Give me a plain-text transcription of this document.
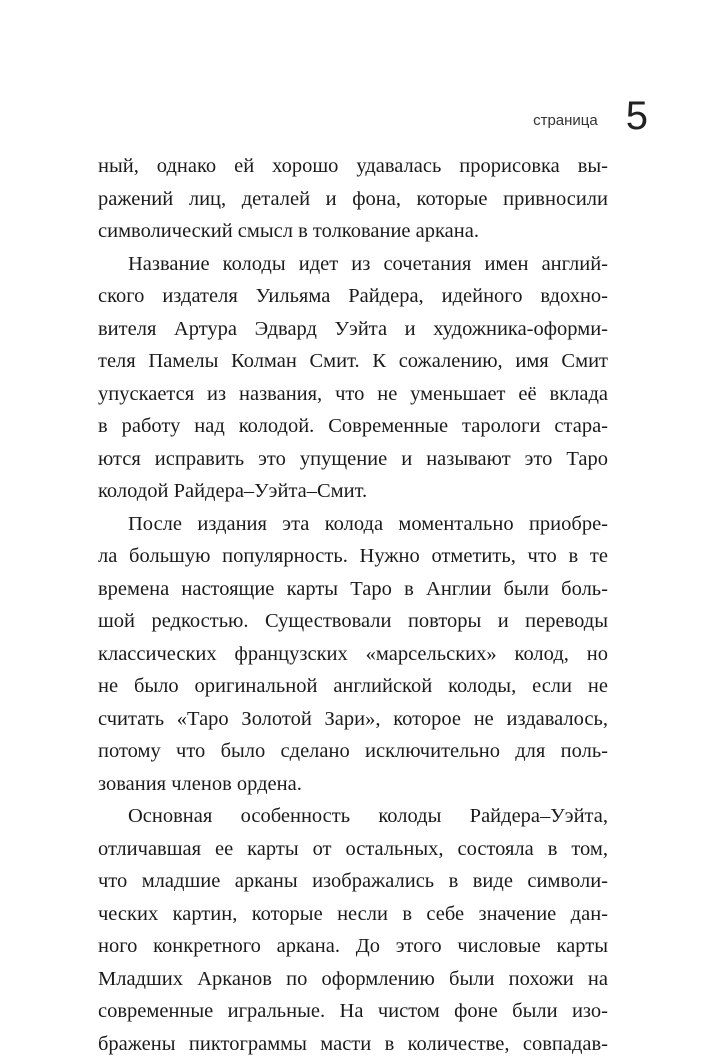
страница 5
ный, однако ей хорошо удавалась прорисовка вы-
ражений лиц, деталей и фона, которые привносили
символический смысл в толкование аркана.
Название колоды идет из сочетания имен англий-
ского издателя Уильяма Райдера, идейного вдохно-
вителя Артура Эдвард Уэйта и художника-оформи-
теля Памелы Колман Смит. К сожалению, имя Смит
упускается из названия, что не уменьшает её вклада
в работу над колодой. Современные тарологи стара-
ются исправить это упущение и называют это Таро
колодой Райдера–Уэйта–Смит.
После издания эта колода моментально приобре-
ла большую популярность. Нужно отметить, что в те
времена настоящие карты Таро в Англии были боль-
шой редкостью. Существовали повторы и переводы
классических французских «марсельских» колод, но
не было оригинальной английской колоды, если не
считать «Таро Золотой Зари», которое не издавалось,
потому что было сделано исключительно для поль-
зования членов ордена.
Основная особенность колоды Райдера–Уэйта,
отличавшая ее карты от остальных, состояла в том,
что младшие арканы изображались в виде символи-
ческих картин, которые несли в себе значение дан-
ного конкретного аркана. До этого числовые карты
Младших Арканов по оформлению были похожи на
современные игральные. На чистом фоне были изо-
бражены пиктограммы масти в количестве, совпадав-
